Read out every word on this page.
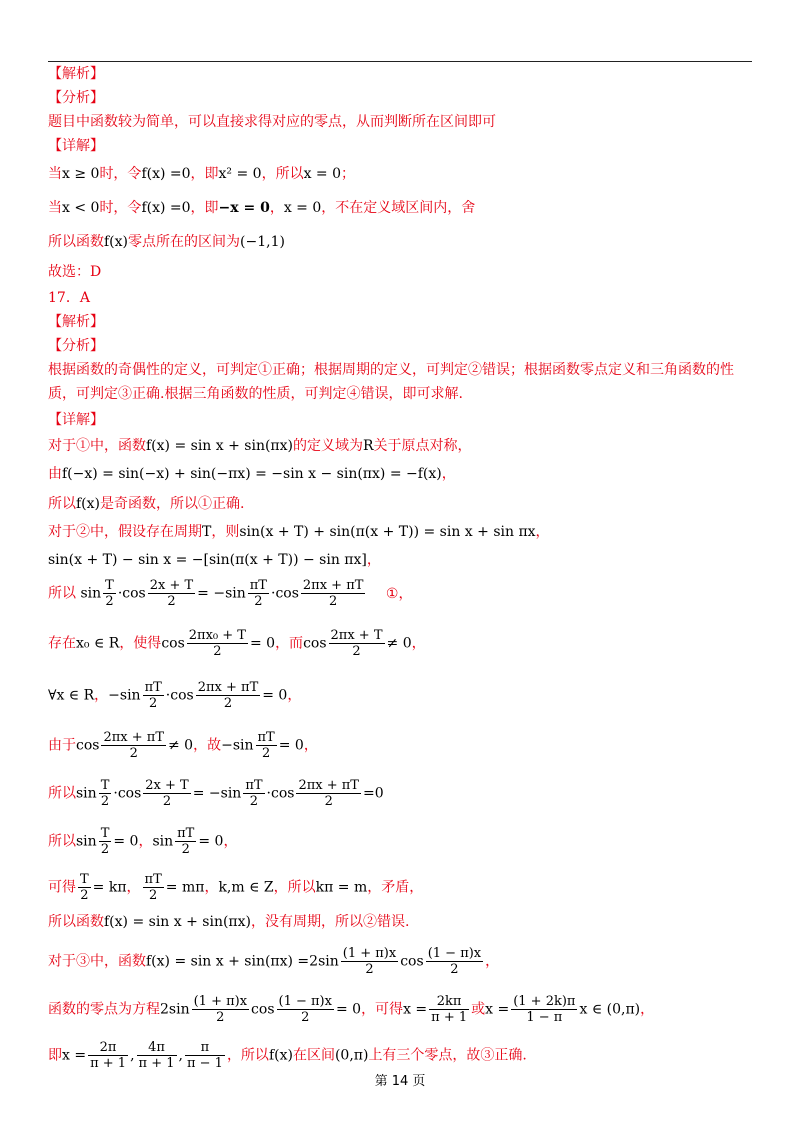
【解析】
【分析】
题目中函数较为简单，可以直接求得对应的零点，从而判断所在区间即可
【详解】
当x ≥ 0时，令f(x) =0，即x² = 0，所以x = 0；
当x < 0时，令f(x) =0，即−x = 0，x = 0，不在定义域区间内，舍
所以函数f(x)零点所在的区间为(−1,1)
故选：D
17．A
【解析】
【分析】
根据函数的奇偶性的定义，可判定①正确；根据周期的定义，可判定②错误；根据函数零点定义和三角函数的性质，可判定③正确.根据三角函数的性质，可判定④错误，即可求解.
【详解】
对于①中，函数f(x) = sin x + sin(πx)的定义域为R关于原点对称，
由f(−x) = sin(−x) + sin(−πx) = −sin x − sin(πx) = −f(x)，
所以f(x)是奇函数，所以①正确.
对于②中，假设存在周期T，则sin(x + T) + sin(π(x + T)) = sin x + sin πx，
sin(x + T) − sin x = −[sin(π(x + T)) − sin πx]，
所以 $\sin \frac{T}{2} \cdot\cos \frac{2x + T}{2} = -\sin \frac{\pi T}{2} \cdot\cos \frac{2\pi x + \pi T}{2}$ ①，
存在x₀ ∈ R，使得$\cos \frac{\text{2πx₀ + T}}{2} = 0$，而$\cos \frac{2\pi x + T}{2} \ne 0$，
∀x ∈ R，$-\sin \frac{\pi T}{2} \cdot\cos \frac{2\pi x + \pi T}{2} = 0$，
由于$\cos \frac{2\pi x + \pi T}{2} \ne 0$，故$-\sin \frac{\pi T}{2} = 0$，
所以$\sin \frac{T}{2} \cdot\cos \frac{2x + T}{2} = -\sin \frac{\pi T}{2} \cdot\cos \frac{2\pi x + \pi T}{2} =0$
所以$\sin \frac{T}{2} = 0$，$\sin \frac{\pi T}{2} = 0$，
可得 $\frac{T}{2} = k\pi$， $\frac{\pi T}{2} = m\pi$，k,m ∈ Z，所以kπ = m，矛盾，
所以函数f(x) = sin x + sin(πx)，没有周期，所以②错误.
对于③中，函数$f(x) = \sin x + \sin(\pi x) =2\sin \frac{(1 + \pi)x}{2}$ $\cos \frac{(1 - \pi)x}{2}$ ，
函数的零点为方程$2\sin \frac{(1 + \pi)x}{2}$ $\cos \frac{(1 - \pi)x}{2} = 0$，可得$x = \frac{2k\pi}{\pi + 1}$ 或$x = \frac{(1 + 2k)\pi}{1 - \pi}$ x ∈ (0,π)，
即$x = \frac{2\pi}{\pi + 1}$ , $\frac{4\pi}{\pi + 1}$ , $\frac{\pi}{\pi - 1}$ ，所以f(x)在区间(0,π)上有三个零点，故③正确.
第 14 页
